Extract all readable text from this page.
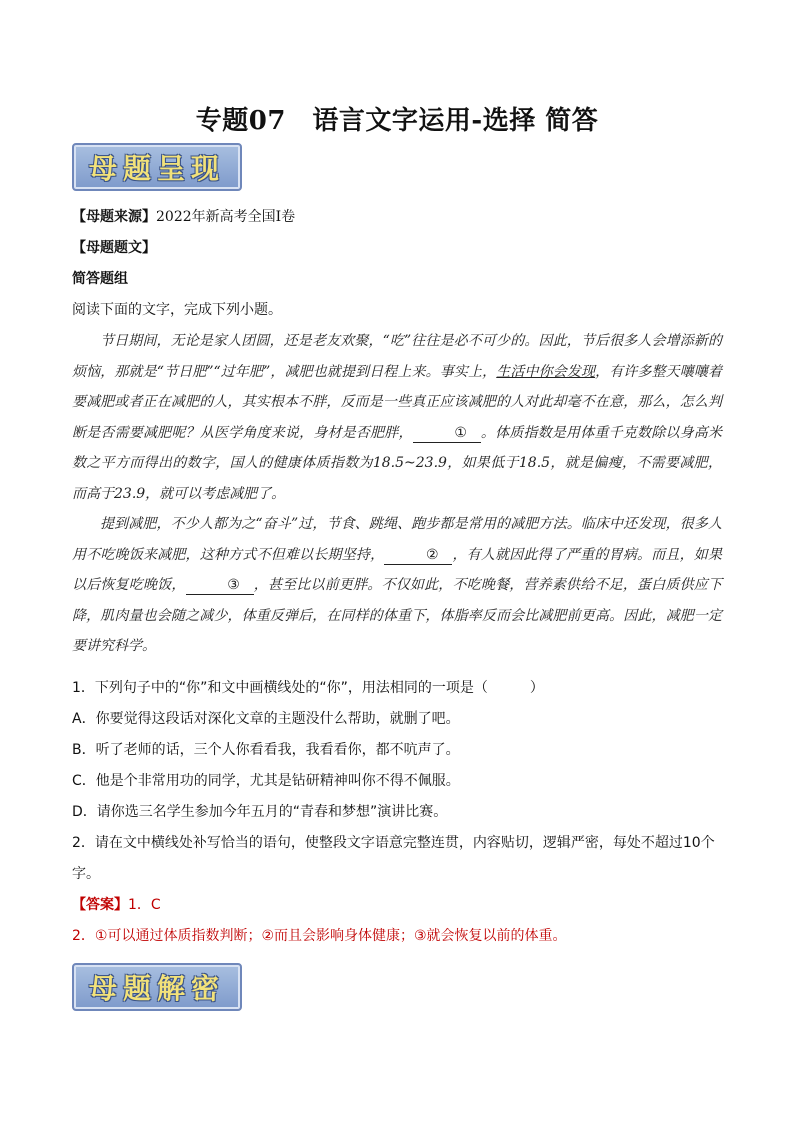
专题07　语言文字运用-选择 简答
母题呈现
【母题来源】2022年新高考全国Ⅰ卷
【母题题文】
简答题组
阅读下面的文字，完成下列小题。

节日期间，无论是家人团圆，还是老友欢聚，“吃”往往是必不可少的。因此，节后很多人会增添新的烦恼，那就是“节日肥”“过年肥”，减肥也就提到日程上来。事实上，生活中你会发现，有许多整天嚷嚷着要减肥或者正在减肥的人，其实根本不胖，反而是一些真正应该减肥的人对此却毫不在意，那么，怎么判断是否需要减肥呢？从医学角度来说，身材是否肥胖，	① 。体质指数是用体重千克数除以身高米数之平方而得出的数字，国人的健康体质指数为18.5~23.9，如果低于18.5，就是偏瘦，不需要减肥，而高于23.9，就可以考虑减肥了。

提到减肥，不少人都为之“奋斗”过，节食、跳绳、跑步都是常用的减肥方法。临床中还发现，很多人用不吃晚饭来减肥，这种方式不但难以长期坚持，	② ，有人就因此得了严重的胃病。而且，如果以后恢复吃晚饭，	③ ，甚至比以前更胖。不仅如此，不吃晚餐，营养素供给不足，蛋白质供应下降，肌肉量也会随之减少，体重反弹后，在同样的体重下，体脂率反而会比减肥前更高。因此，减肥一定要讲究科学。

1．下列句子中的“你”和文中画横线处的“你”，用法相同的一项是（　　　）
A．你要觉得这段话对深化文章的主题没什么帮助，就删了吧。
B．听了老师的话，三个人你看看我，我看看你，都不吭声了。
C．他是个非常用功的同学，尤其是钻研精神叫你不得不佩服。
D．请你选三名学生参加今年五月的“青春和梦想”演讲比赛。
2．请在文中横线处补写恰当的语句，使整段文字语意完整连贯，内容贴切，逻辑严密，每处不超过10个
字。
【答案】1．C
2．①可以通过体质指数判断；②而且会影响身体健康；③就会恢复以前的体重。
母题解密
